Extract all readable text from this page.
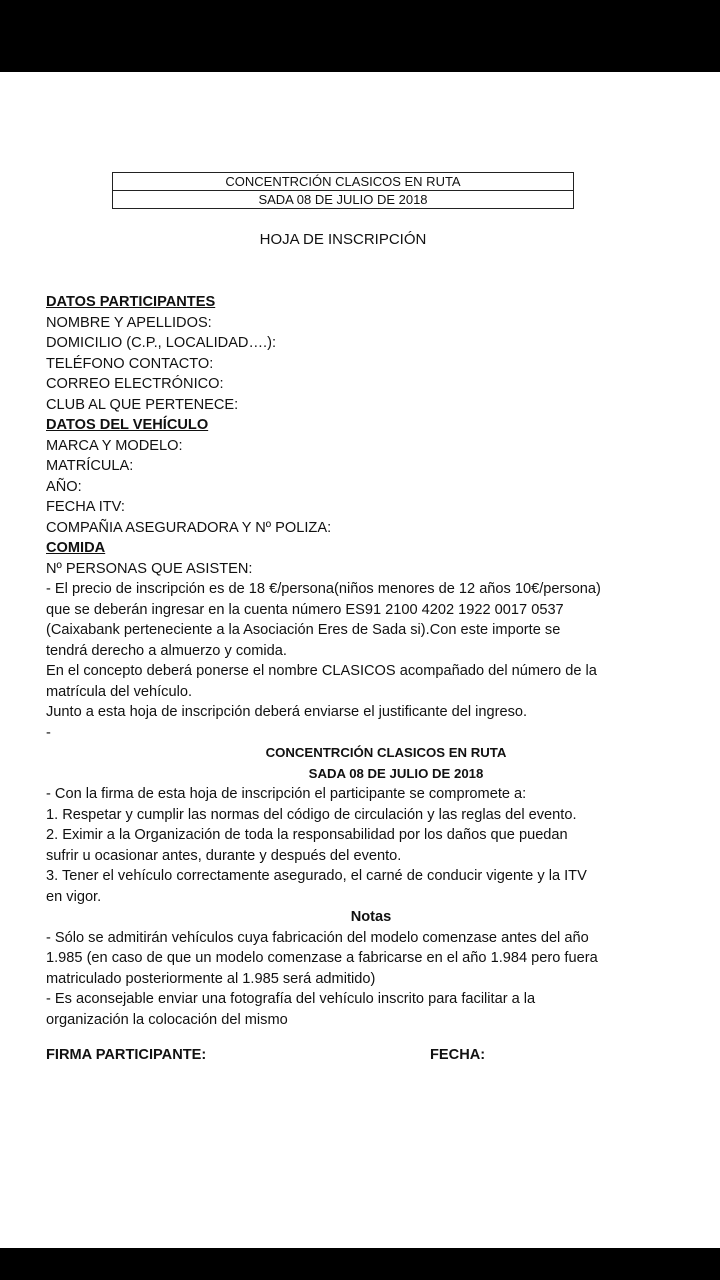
CONCENTRCIÓN CLASICOS EN RUTA
SADA 08 DE JULIO DE 2018
HOJA DE INSCRIPCIÓN
DATOS PARTICIPANTES
NOMBRE Y APELLIDOS:
DOMICILIO (C.P., LOCALIDAD….):
TELÉFONO CONTACTO:
CORREO ELECTRÓNICO:
CLUB AL QUE PERTENECE:
DATOS DEL VEHÍCULO
MARCA Y MODELO:
MATRÍCULA:
AÑO:
FECHA ITV:
COMPAÑIA ASEGURADORA Y Nº POLIZA:
COMIDA
Nº PERSONAS QUE ASISTEN:
- El precio de inscripción es de 18 €/persona(niños menores de 12 años 10€/persona)
que se deberán ingresar en la cuenta número ES91 2100 4202 1922 0017 0537
(Caixabank perteneciente a la Asociación Eres de Sada si).Con este importe se
tendrá derecho a almuerzo y comida.
En el concepto deberá ponerse el nombre CLASICOS acompañado del número de la
matrícula del vehículo.
Junto a esta hoja de inscripción deberá enviarse el justificante del ingreso.
-
CONCENTRCIÓN CLASICOS EN RUTA
SADA 08 DE JULIO DE 2018
- Con la firma de esta hoja de inscripción el participante se compromete a:
1. Respetar y cumplir las normas del código de circulación y las reglas del evento.
2. Eximir a la Organización de toda la responsabilidad por los daños que puedan
sufrir u ocasionar antes, durante y después del evento.
3. Tener el vehículo correctamente asegurado, el carné de conducir vigente y la ITV
en vigor.
Notas
- Sólo se admitirán vehículos cuya fabricación del modelo comenzase antes del año
1.985 (en caso de que un modelo comenzase a fabricarse en el año 1.984 pero fuera
matriculado posteriormente al 1.985 será admitido)
- Es aconsejable enviar una fotografía del vehículo inscrito para facilitar a la
organización la colocación del mismo
FIRMA PARTICIPANTE:	FECHA:
